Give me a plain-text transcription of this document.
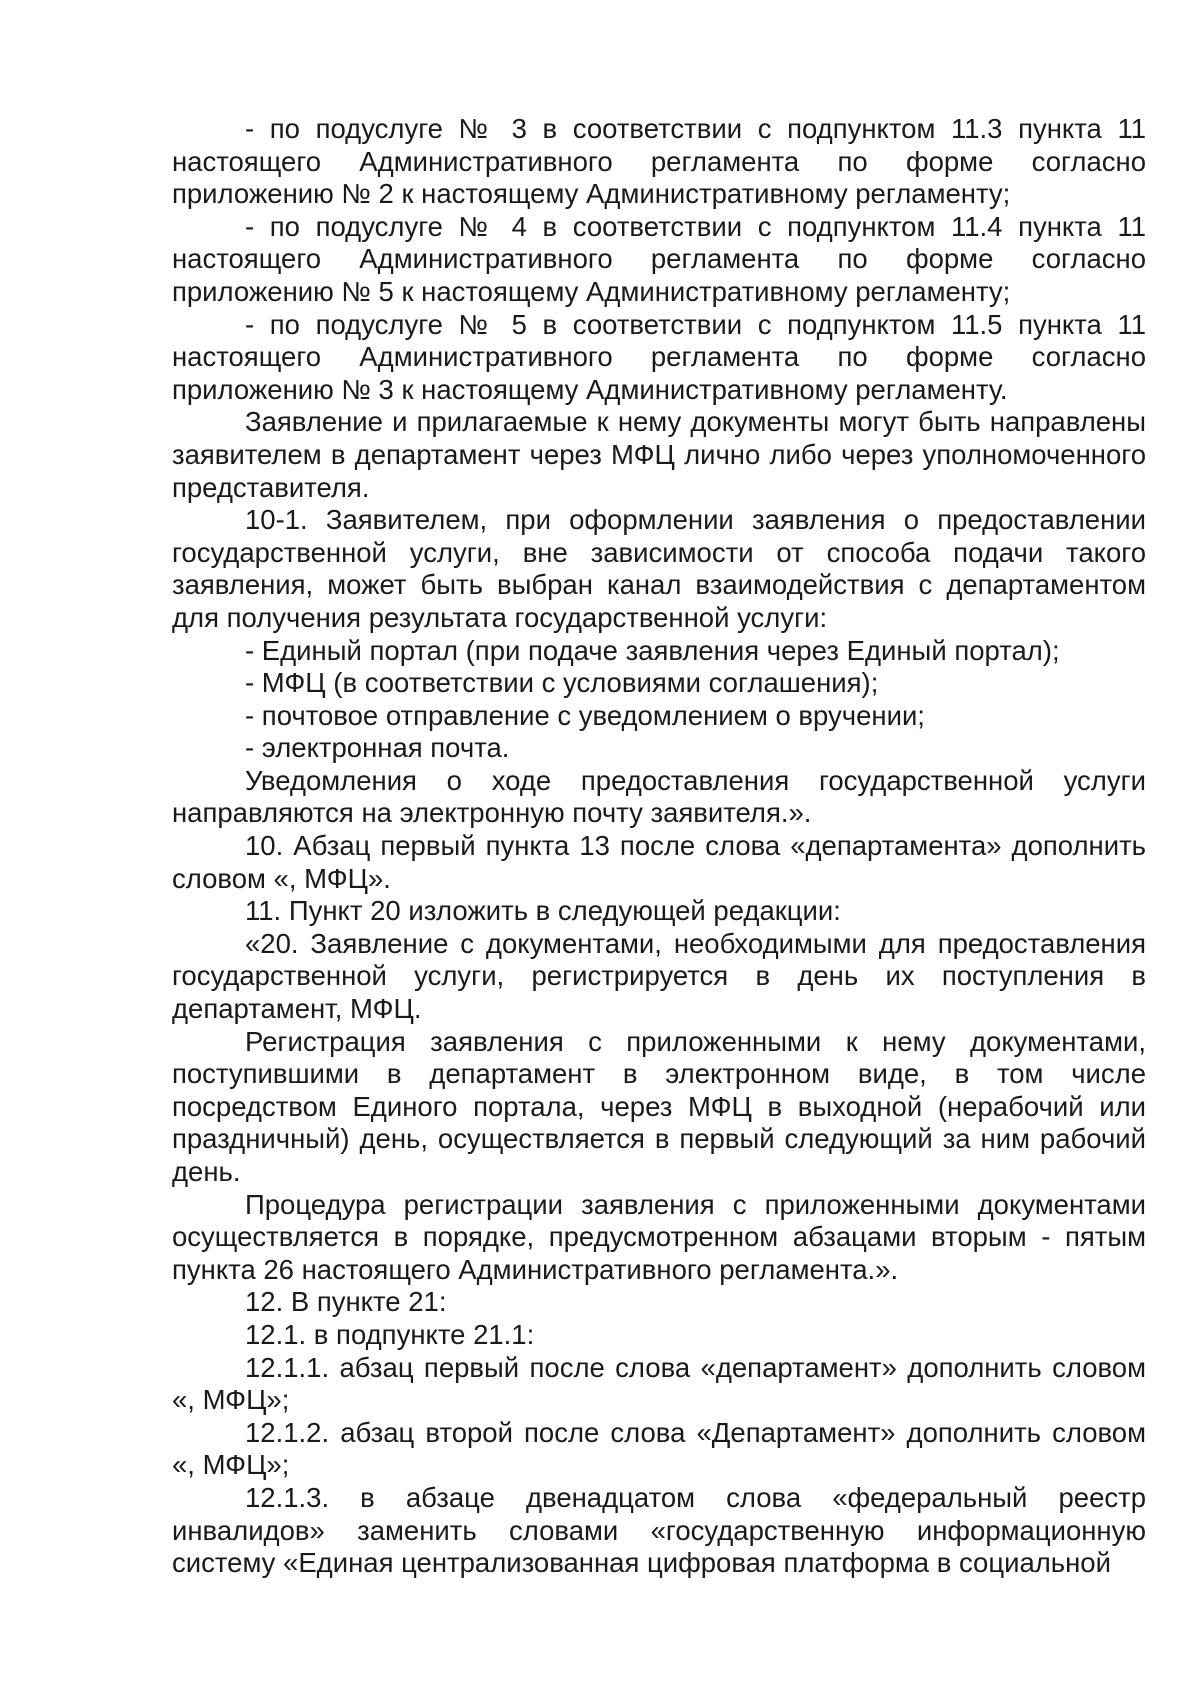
- по подуслуге № 3 в соответствии с подпунктом 11.3 пункта 11 настоящего Административного регламента по форме согласно приложению № 2 к настоящему Административному регламенту;

- по подуслуге № 4 в соответствии с подпунктом 11.4 пункта 11 настоящего Административного регламента по форме согласно приложению № 5 к настоящему Административному регламенту;

- по подуслуге № 5 в соответствии с подпунктом 11.5 пункта 11 настоящего Административного регламента по форме согласно приложению № 3 к настоящему Административному регламенту.

Заявление и прилагаемые к нему документы могут быть направлены заявителем в департамент через МФЦ лично либо через уполномоченного представителя.

10-1. Заявителем, при оформлении заявления о предоставлении государственной услуги, вне зависимости от способа подачи такого заявления, может быть выбран канал взаимодействия с департаментом для получения результата государственной услуги:

- Единый портал (при подаче заявления через Единый портал);

- МФЦ (в соответствии с условиями соглашения);

- почтовое отправление с уведомлением о вручении;

- электронная почта.

Уведомления о ходе предоставления государственной услуги направляются на электронную почту заявителя.».

10. Абзац первый пункта 13 после слова «департамента» дополнить словом «, МФЦ».

11. Пункт 20 изложить в следующей редакции:

«20. Заявление с документами, необходимыми для предоставления государственной услуги, регистрируется в день их поступления в департамент, МФЦ.

Регистрация заявления с приложенными к нему документами, поступившими в департамент в электронном виде, в том числе посредством Единого портала, через МФЦ в выходной (нерабочий или праздничный) день, осуществляется в первый следующий за ним рабочий день.

Процедура регистрации заявления с приложенными документами осуществляется в порядке, предусмотренном абзацами вторым - пятым пункта 26 настоящего Административного регламента.».

12. В пункте 21:

12.1. в подпункте 21.1:

12.1.1. абзац первый после слова «департамент» дополнить словом «, МФЦ»;

12.1.2. абзац второй после слова «Департамент» дополнить словом «, МФЦ»;

12.1.3. в абзаце двенадцатом слова «федеральный реестр инвалидов» заменить словами «государственную информационную систему «Единая централизованная цифровая платформа в социальной
